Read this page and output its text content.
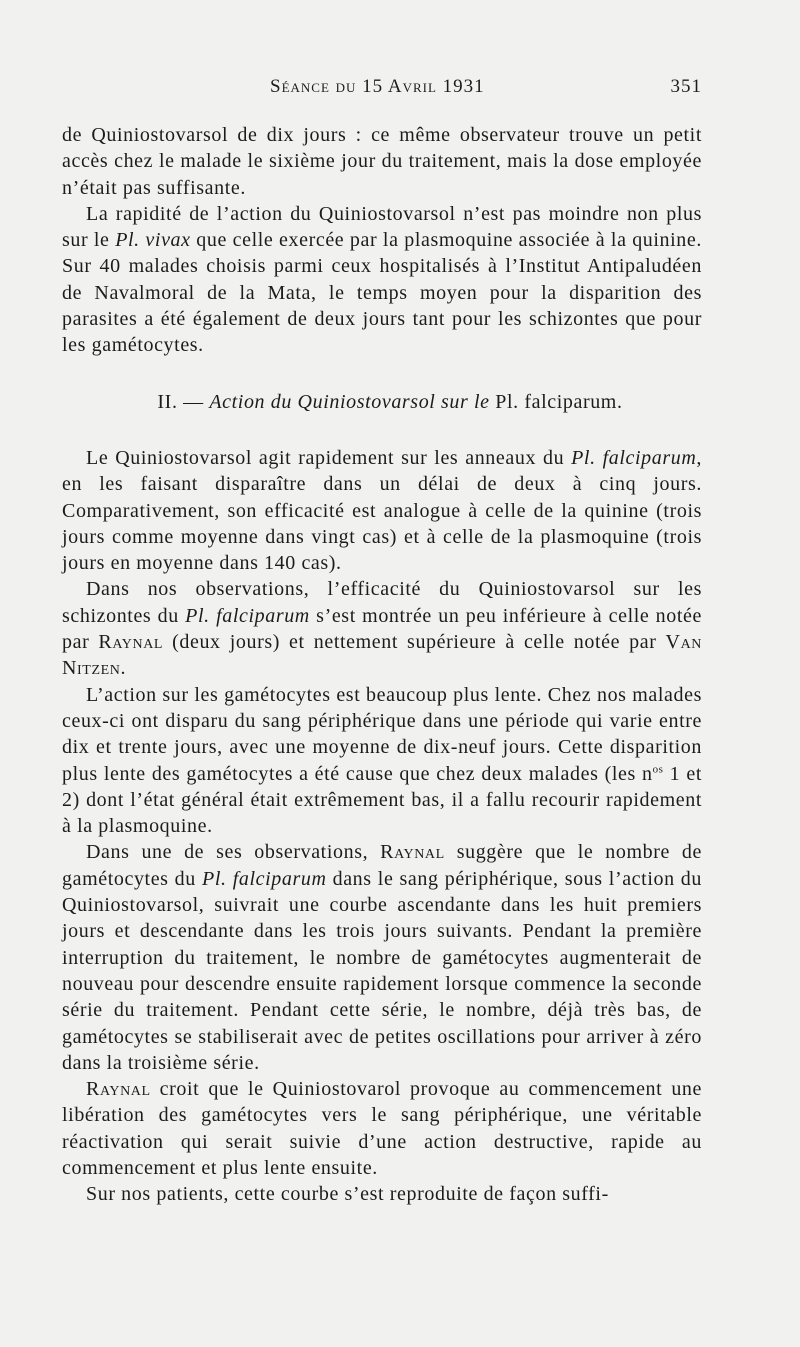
Séance du 15 Avril 1931	351

de Quiniostovarsol de dix jours : ce même observateur trouve un petit accès chez le malade le sixième jour du traitement, mais la dose employée n’était pas suffisante.

La rapidité de l’action du Quiniostovarsol n’est pas moindre non plus sur le Pl. vivax que celle exercée par la plasmoquine associée à la quinine. Sur 40 malades choisis parmi ceux hospitalisés à l’Institut Antipaludéen de Navalmoral de la Mata, le temps moyen pour la disparition des parasites a été également de deux jours tant pour les schizontes que pour les gamétocytes.

II. — Action du Quiniostovarsol sur le Pl. falciparum.

Le Quiniostovarsol agit rapidement sur les anneaux du Pl. falciparum, en les faisant disparaître dans un délai de deux à cinq jours. Comparativement, son efficacité est analogue à celle de la quinine (trois jours comme moyenne dans vingt cas) et à celle de la plasmoquine (trois jours en moyenne dans 140 cas).

Dans nos observations, l’efficacité du Quiniostovarsol sur les schizontes du Pl. falciparum s’est montrée un peu inférieure à celle notée par Raynal (deux jours) et nettement supérieure à celle notée par Van Nitzen.

L’action sur les gamétocytes est beaucoup plus lente. Chez nos malades ceux-ci ont disparu du sang périphérique dans une période qui varie entre dix et trente jours, avec une moyenne de dix-neuf jours. Cette disparition plus lente des gamétocytes a été cause que chez deux malades (les $n^{os}$ 1 et 2) dont l’état général était extrêmement bas, il a fallu recourir rapidement à la plasmoquine.

Dans une de ses observations, Raynal suggère que le nombre de gamétocytes du Pl. falciparum dans le sang périphérique, sous l’action du Quiniostovarsol, suivrait une courbe ascendante dans les huit premiers jours et descendante dans les trois jours suivants. Pendant la première interruption du traitement, le nombre de gamétocytes augmenterait de nouveau pour descendre ensuite rapidement lorsque commence la seconde série du traitement. Pendant cette série, le nombre, déjà très bas, de gamétocytes se stabiliserait avec de petites oscillations pour arriver à zéro dans la troisième série.

Raynal croit que le Quiniostovarol provoque au commencement une libération des gamétocytes vers le sang périphérique, une véritable réactivation qui serait suivie d’une action destructive, rapide au commencement et plus lente ensuite.

Sur nos patients, cette courbe s’est reproduite de façon suffi-
